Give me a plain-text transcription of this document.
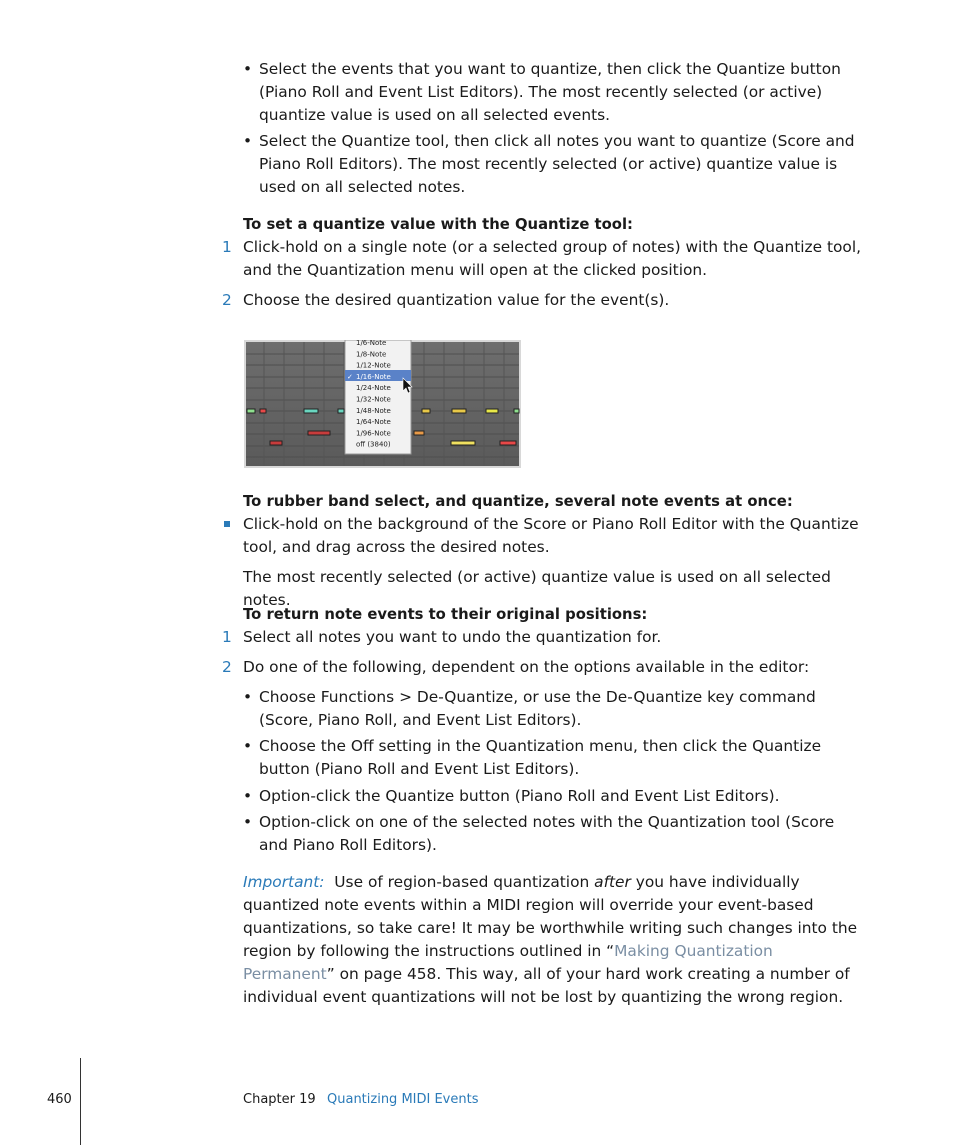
• Select the events that you want to quantize, then click the Quantize button (Piano Roll and Event List Editors). The most recently selected (or active) quantize value is used on all selected events.
• Select the Quantize tool, then click all notes you want to quantize (Score and Piano Roll Editors). The most recently selected (or active) quantize value is used on all selected notes.
To set a quantize value with the Quantize tool:
1 Click-hold on a single note (or a selected group of notes) with the Quantize tool, and the Quantization menu will open at the clicked position.
2 Choose the desired quantization value for the event(s).
1/6-Note
1/8-Note
1/12-Note
1/16-Note
✓
1/24-Note
1/32-Note
1/48-Note
1/64-Note
1/96-Note
off (3840)
To rubber band select, and quantize, several note events at once:
Click-hold on the background of the Score or Piano Roll Editor with the Quantize tool, and drag across the desired notes.
The most recently selected (or active) quantize value is used on all selected notes.
To return note events to their original positions:
1 Select all notes you want to undo the quantization for.
2 Do one of the following, dependent on the options available in the editor:
• Choose Functions > De-Quantize, or use the De-Quantize key command (Score, Piano Roll, and Event List Editors).
• Choose the Off setting in the Quantization menu, then click the Quantize button (Piano Roll and Event List Editors).
• Option-click the Quantize button (Piano Roll and Event List Editors).
• Option-click on one of the selected notes with the Quantization tool (Score and Piano Roll Editors).
Important: Use of region-based quantization after you have individually quantized note events within a MIDI region will override your event-based quantizations, so take care! It may be worthwhile writing such changes into the region by following the instructions outlined in “Making Quantization Permanent” on page 458. This way, all of your hard work creating a number of individual event quantizations will not be lost by quantizing the wrong region.
460	Chapter 19 Quantizing MIDI Events
